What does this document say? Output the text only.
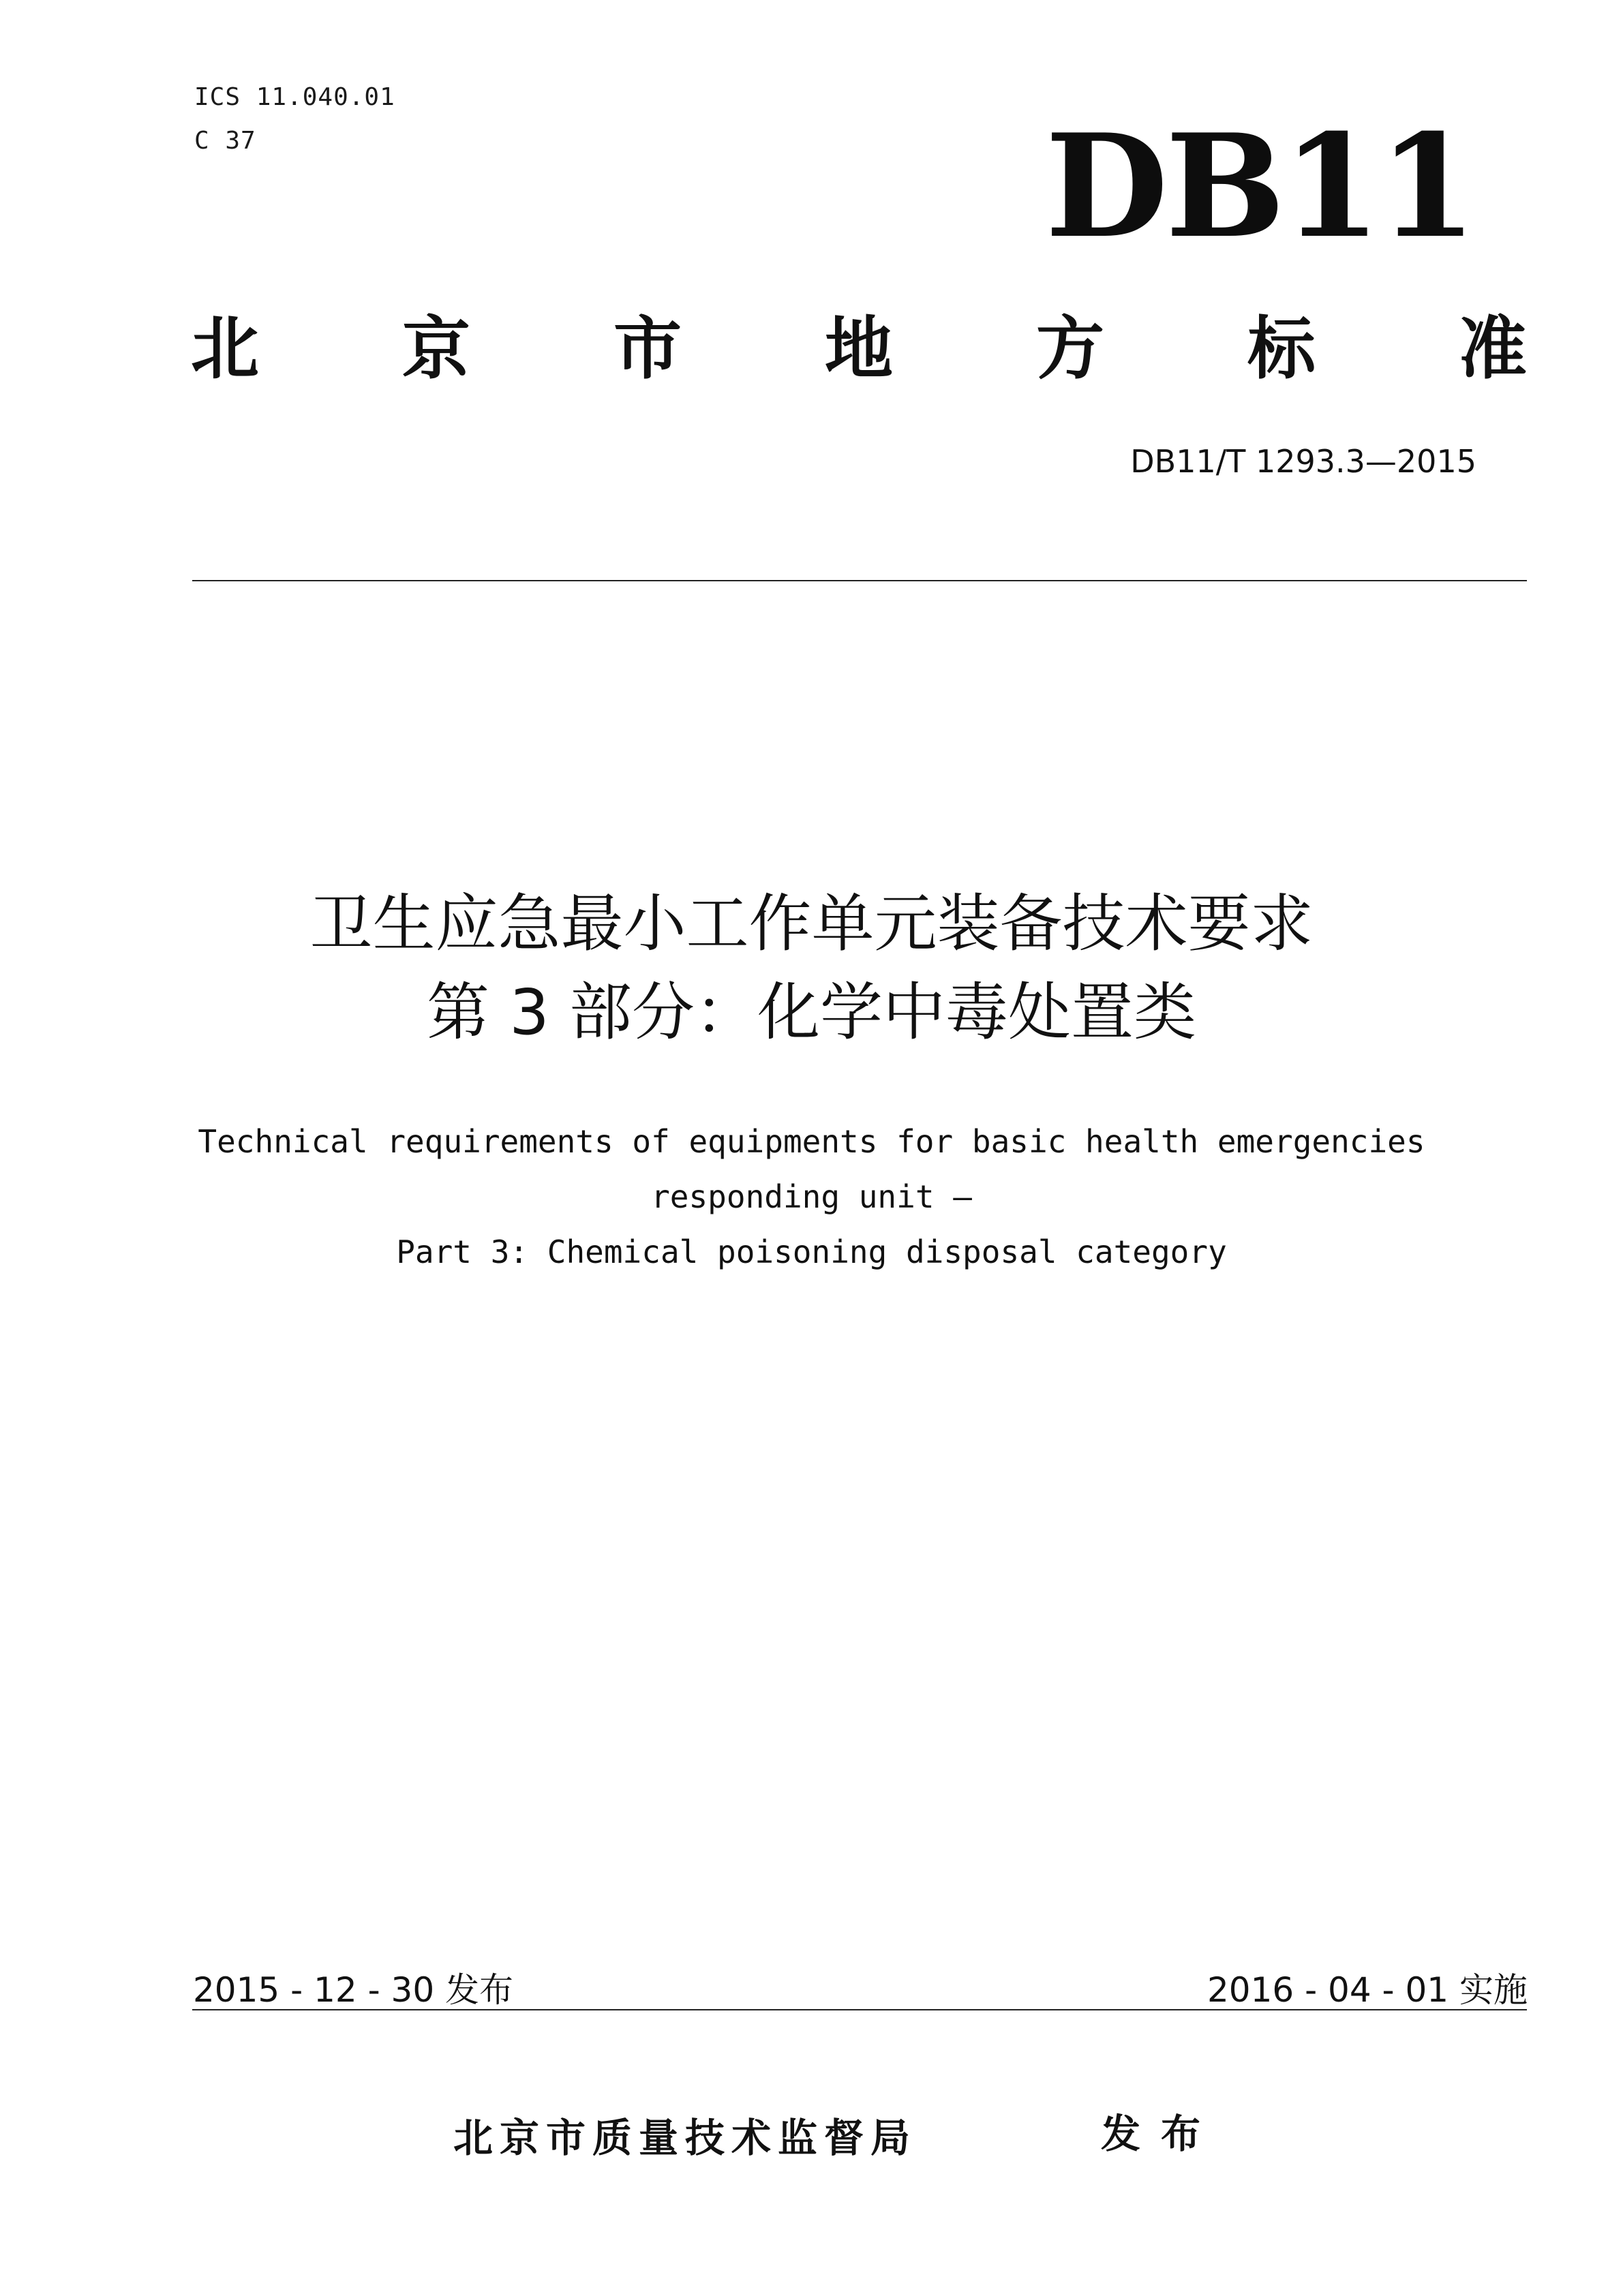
ICS 11.040.01
C 37	DB11
北 京 市 地 方 标 准
DB11/T 1293.3—2015
卫生应急最小工作单元装备技术要求
第 3 部分：化学中毒处置类
Technical requirements of equipments for basic health emergencies
responding unit —
Part 3: Chemical poisoning disposal category
2015 - 12 - 30 发布	2016 - 04 - 01 实施
北京市质量技术监督局	发布
